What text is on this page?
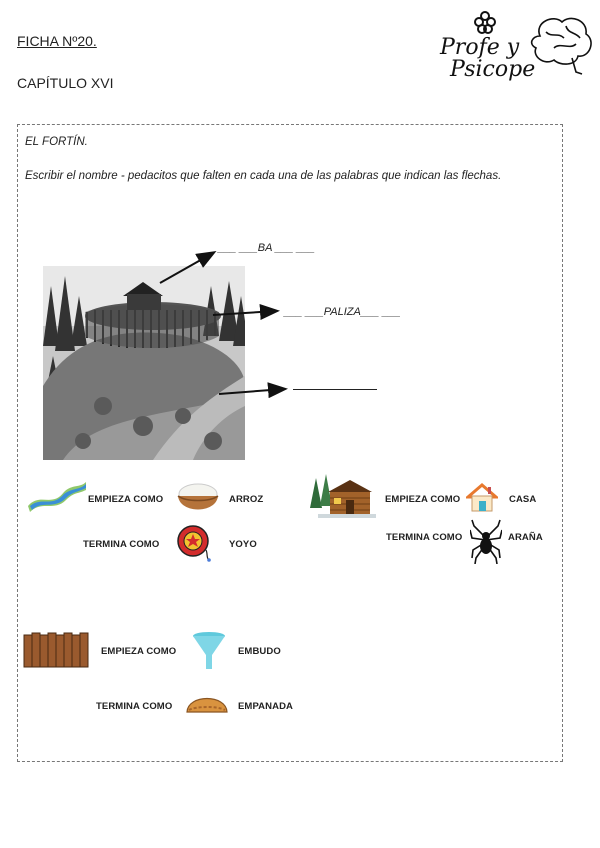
FICHA Nº20.
CAPÍTULO XVI
Profe y
Psicope
EL FORTÍN.
Escribir el nombre - pedacitos que falten en cada una de las palabras que indican las flechas.
___ ___BA ___ ___
___ ___PALIZA___ ___
EMPIEZA COMO	ARROZ
TERMINA COMO	YOYO
EMPIEZA COMO	CASA
TERMINA COMO	ARAÑA
EMPIEZA COMO	EMBUDO
TERMINA COMO	EMPANADA
